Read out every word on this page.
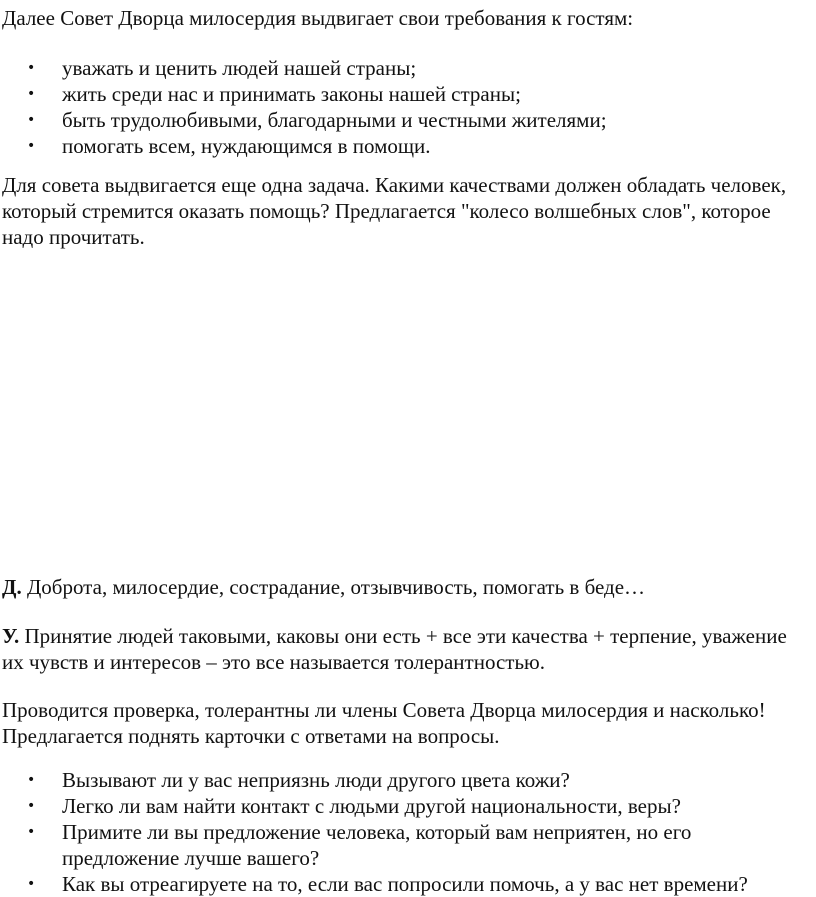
Далее Совет Дворца милосердия выдвигает свои требования к гостям:

• уважать и ценить людей нашей страны;
• жить среди нас и принимать законы нашей страны;
• быть трудолюбивыми, благодарными и честными жителями;
• помогать всем, нуждающимся в помощи.

Для совета выдвигается еще одна задача. Какими качествами должен обладать человек, который стремится оказать помощь? Предлагается "колесо волшебных слов", которое надо прочитать.

Д. Доброта, милосердие, сострадание, отзывчивость, помогать в беде…

У. Принятие людей таковыми, каковы они есть + все эти качества + терпение, уважение их чувств и интересов – это все называется толерантностью.

Проводится проверка, толерантны ли члены Совета Дворца милосердия и насколько! Предлагается поднять карточки с ответами на вопросы.

• Вызывают ли у вас неприязнь люди другого цвета кожи?
• Легко ли вам найти контакт с людьми другой национальности, веры?
• Примите ли вы предложение человека, который вам неприятен, но его предложение лучше вашего?
• Как вы отреагируете на то, если вас попросили помочь, а у вас нет времени?
